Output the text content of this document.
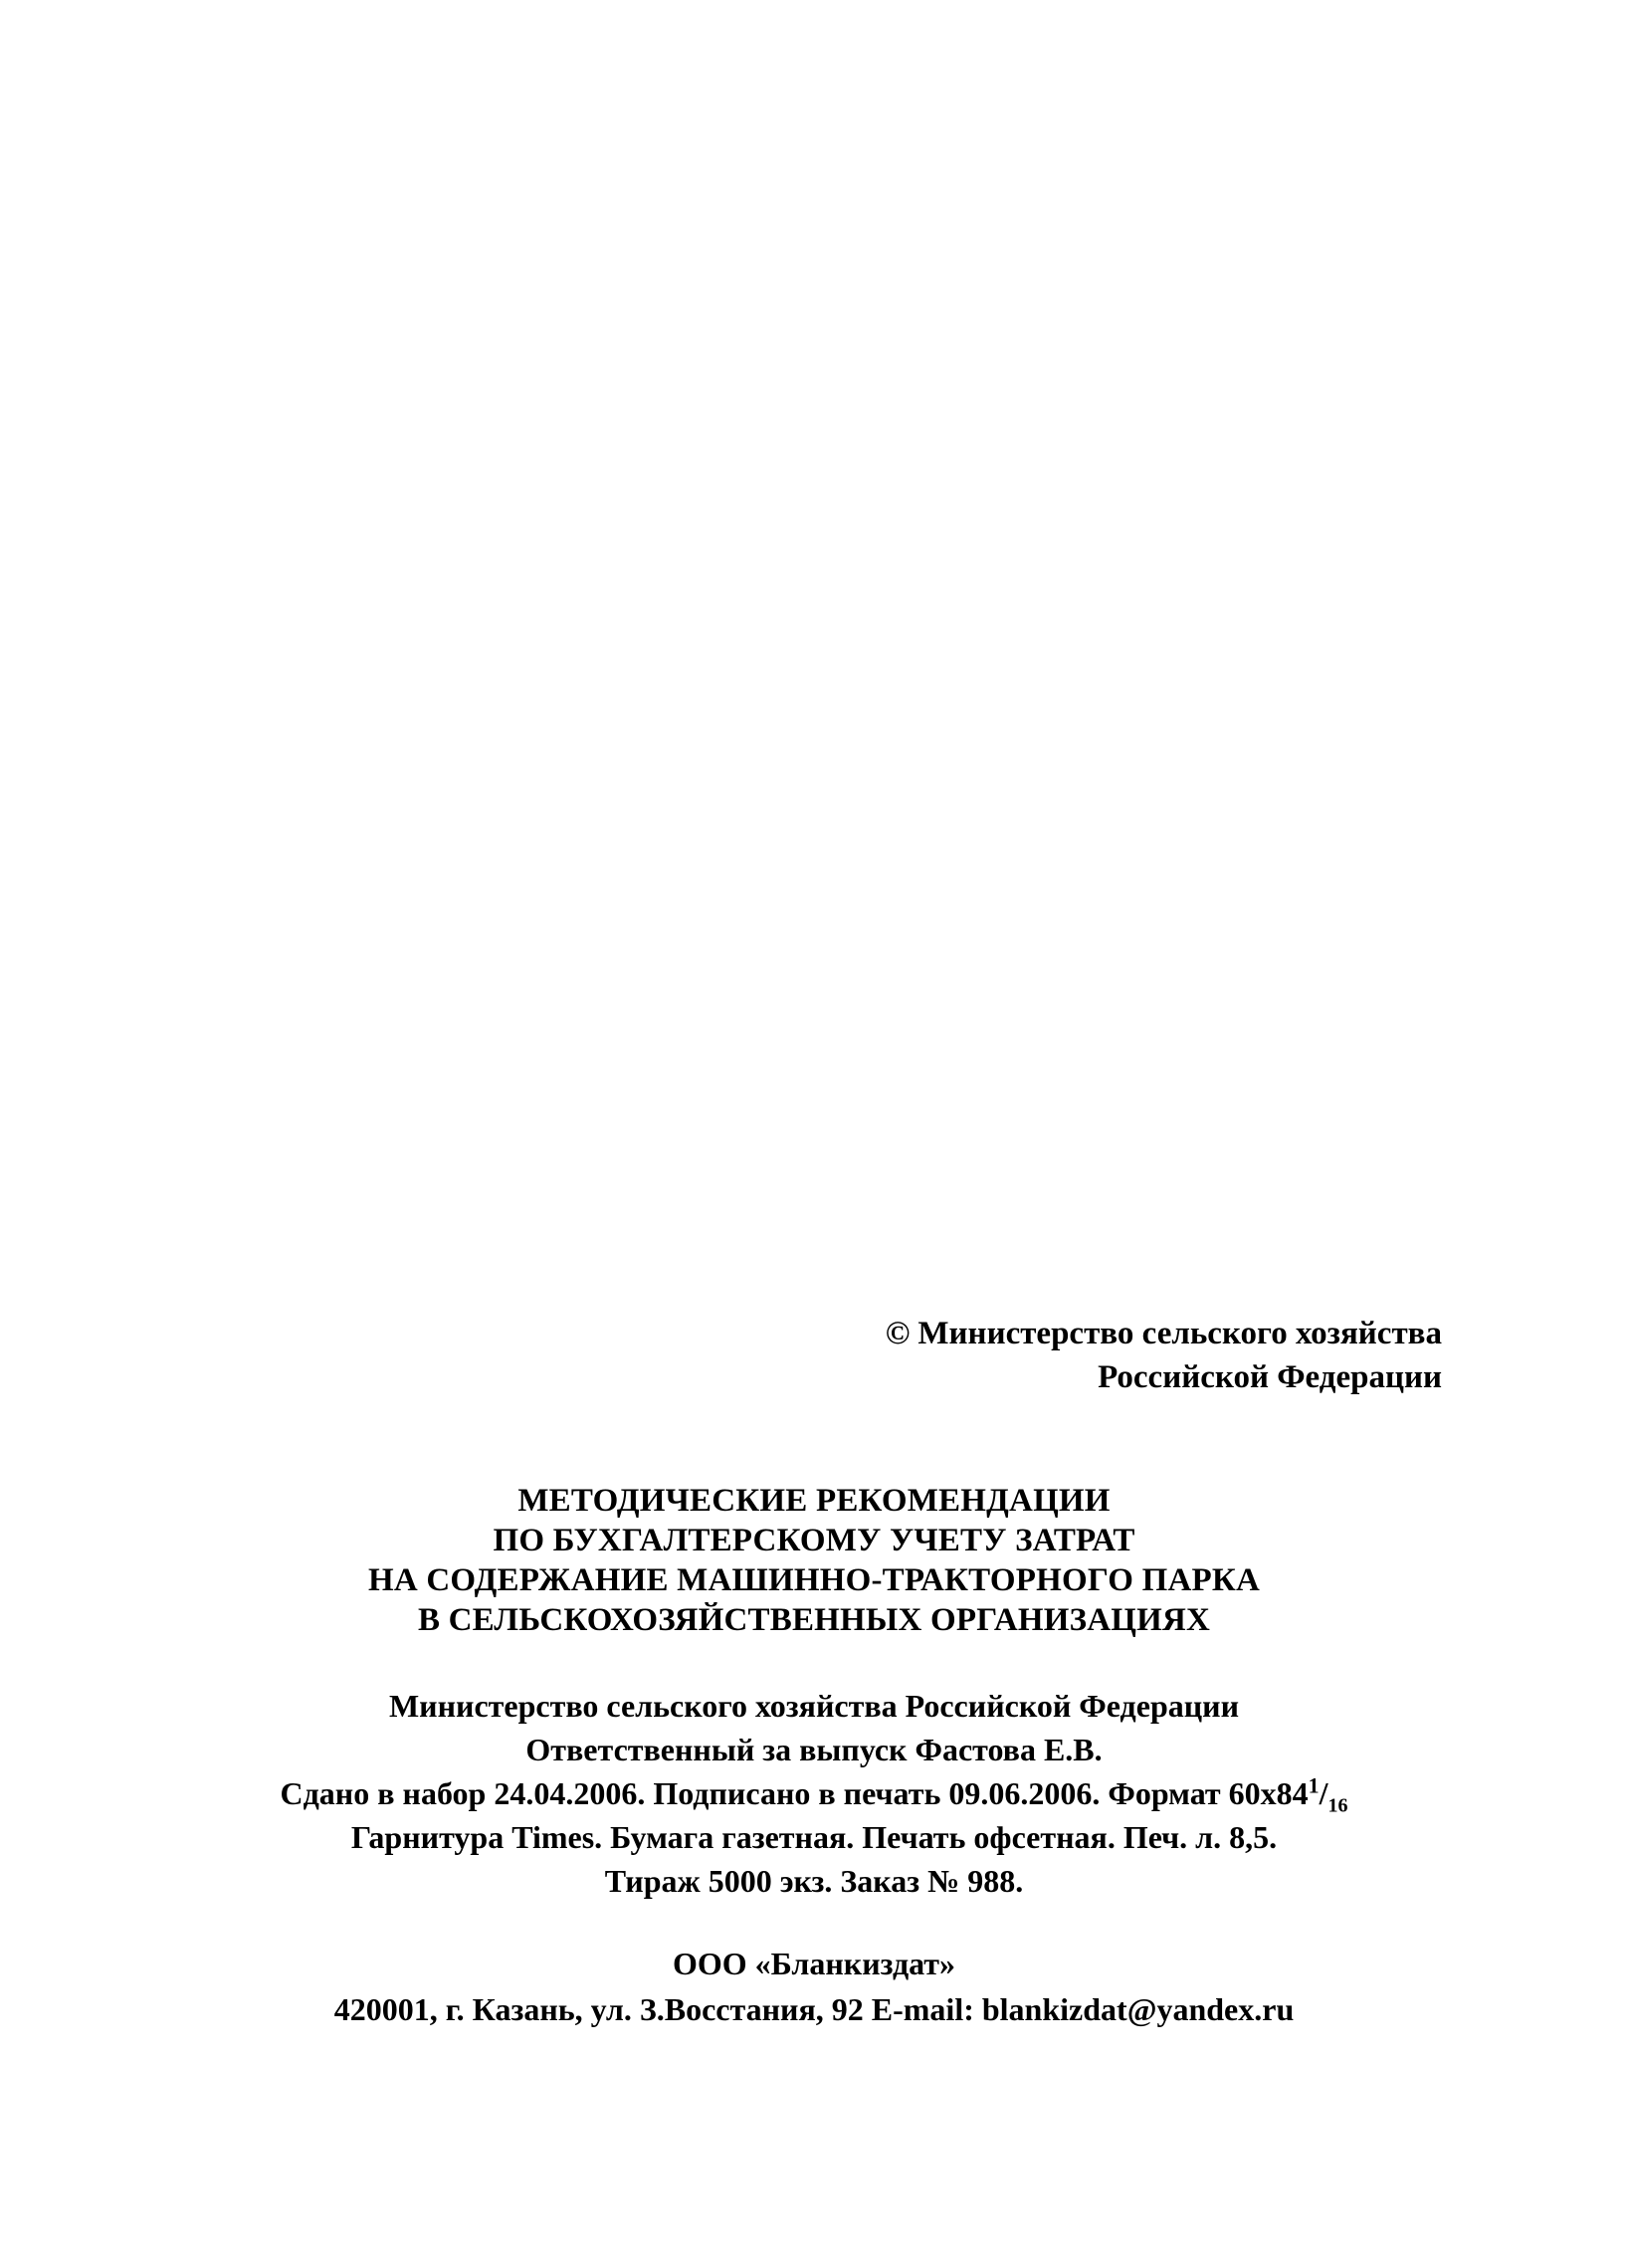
© Министерство сельского хозяйства
Российской Федерации
МЕТОДИЧЕСКИЕ РЕКОМЕНДАЦИИ
ПО БУХГАЛТЕРСКОМУ УЧЕТУ ЗАТРАТ
НА СОДЕРЖАНИЕ МАШИННО-ТРАКТОРНОГО ПАРКА
В СЕЛЬСКОХОЗЯЙСТВЕННЫХ ОРГАНИЗАЦИЯХ
Министерство сельского хозяйства Российской Федерации
Ответственный за выпуск Фастова Е.В.
Сдано в набор 24.04.2006. Подписано в печать 09.06.2006. Формат $60х84^1/_{16}$
Гарнитура Times. Бумага газетная. Печать офсетная. Печ. л. 8,5.
Тираж 5000 экз. Заказ № 988.
ООО «Бланкиздат»
420001, г. Казань, ул. З.Восстания, 92 E-mail: blankizdat@yandex.ru
